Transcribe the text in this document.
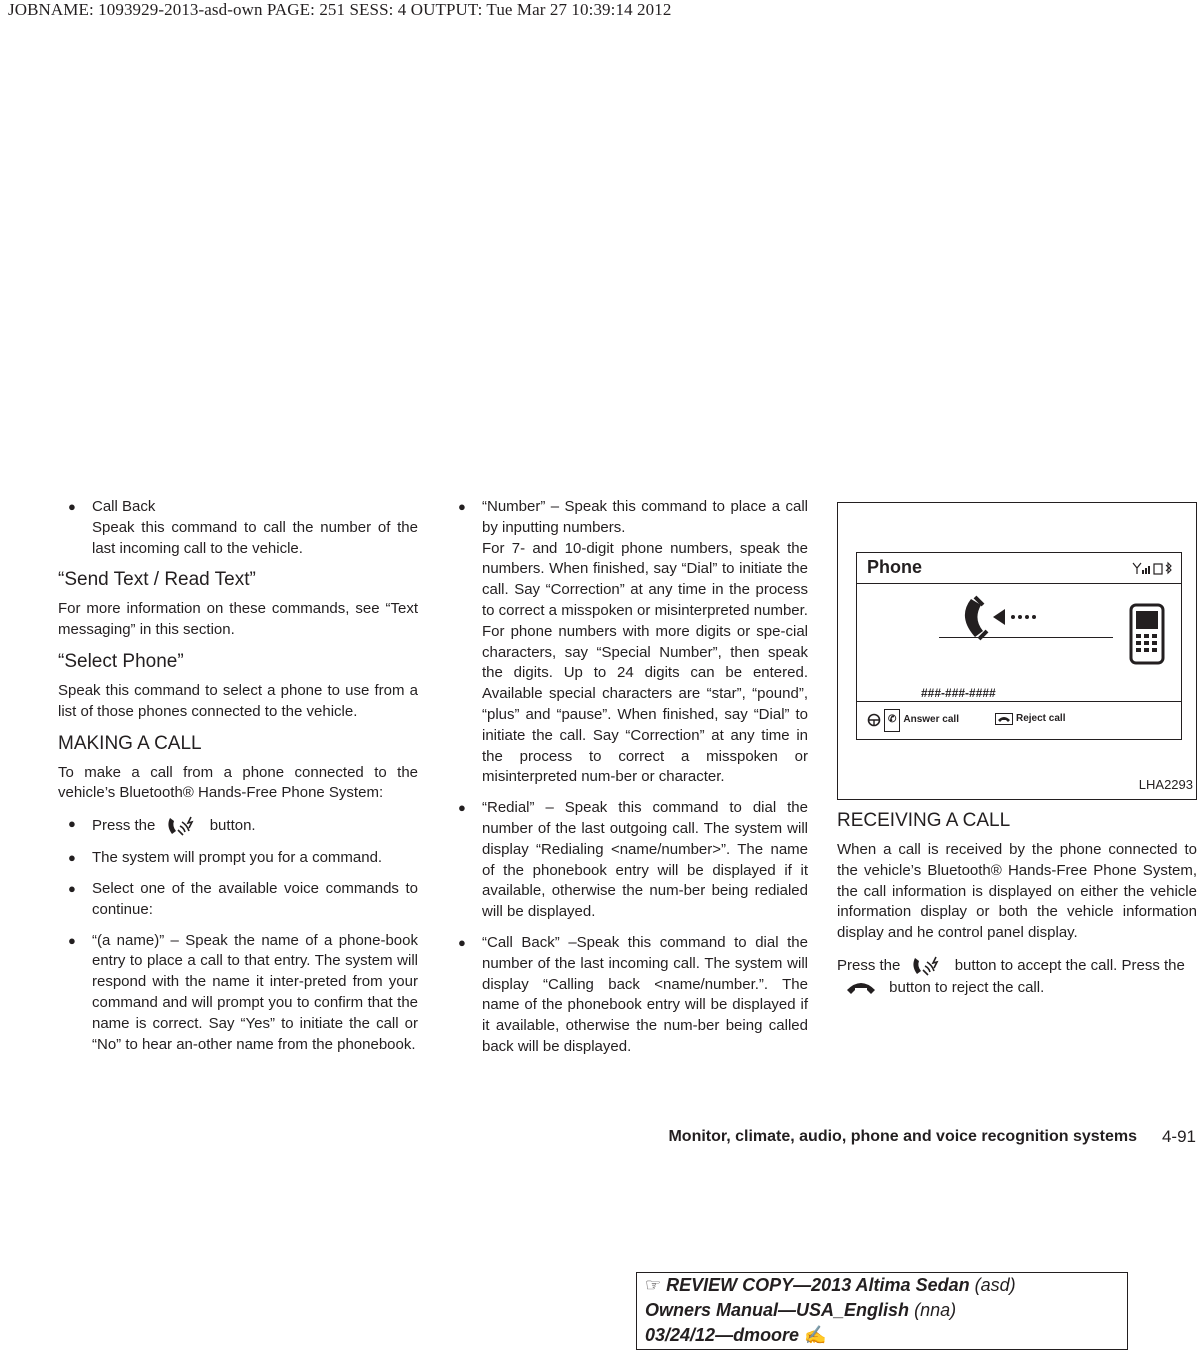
JOBNAME: 1093929-2013-asd-own PAGE: 251 SESS: 4 OUTPUT: Tue Mar 27 10:39:14 2012
● Call Back

Speak this command to call the number of the last incoming call to the vehicle.

“Send Text / Read Text”

For more information on these commands, see “Text messaging” in this section.

“Select Phone”

Speak this command to select a phone to use from a list of those phones connected to the vehicle.

MAKING A CALL

To make a call from a phone connected to the vehicle’s Bluetooth® Hands-Free Phone System:

● Press the	button.
● The system will prompt you for a command.
● Select one of the available voice commands to continue:

● “(a name)” – Speak the name of a phone-book entry to place a call to that entry. The system will respond with the name it inter-preted from your command and will prompt you to confirm that the name is correct. Say “Yes” to initiate the call or “No” to hear an-other name from the phonebook.

● “Number” – Speak this command to place a call by inputting numbers.

For 7- and 10-digit phone numbers, speak the numbers. When finished, say “Dial” to initiate the call. Say “Correction” at any time in the process to correct a misspoken or misinterpreted number.

For phone numbers with more digits or spe-cial characters, say “Special Number”, then speak the digits. Up to 24 digits can be entered. Available special characters are “star”, “pound”, “plus” and “pause”. When finished, say “Dial” to initiate the call. Say “Correction” at any time in the process to correct a misspoken or misinterpreted num-ber or character.

● “Redial” – Speak this command to dial the number of the last outgoing call. The system will display “Redialing <name/number>”. The name of the phonebook entry will be displayed if it available, otherwise the num-ber being redialed will be displayed.

● “Call Back” –Speak this command to dial the number of the last incoming call. The system will display “Calling back <name/number.”. The name of the phonebook entry will be displayed if it available, otherwise the num-ber being called back will be displayed.

Phone
###-###-####
✆ Answer call	Reject call
LHA2293
RECEIVING A CALL

When a call is received by the phone connected to the vehicle’s Bluetooth® Hands-Free Phone System, the call information is displayed on either the vehicle information display or both the vehicle information display and he control panel display.

Press the	button to accept the call. Press the  button to reject the call.

Monitor, climate, audio, phone and voice recognition systems 4-91
☞ REVIEW COPY—2013 Altima Sedan (asd)
Owners Manual—USA_English (nna)
03/24/12—dmoore ✍
